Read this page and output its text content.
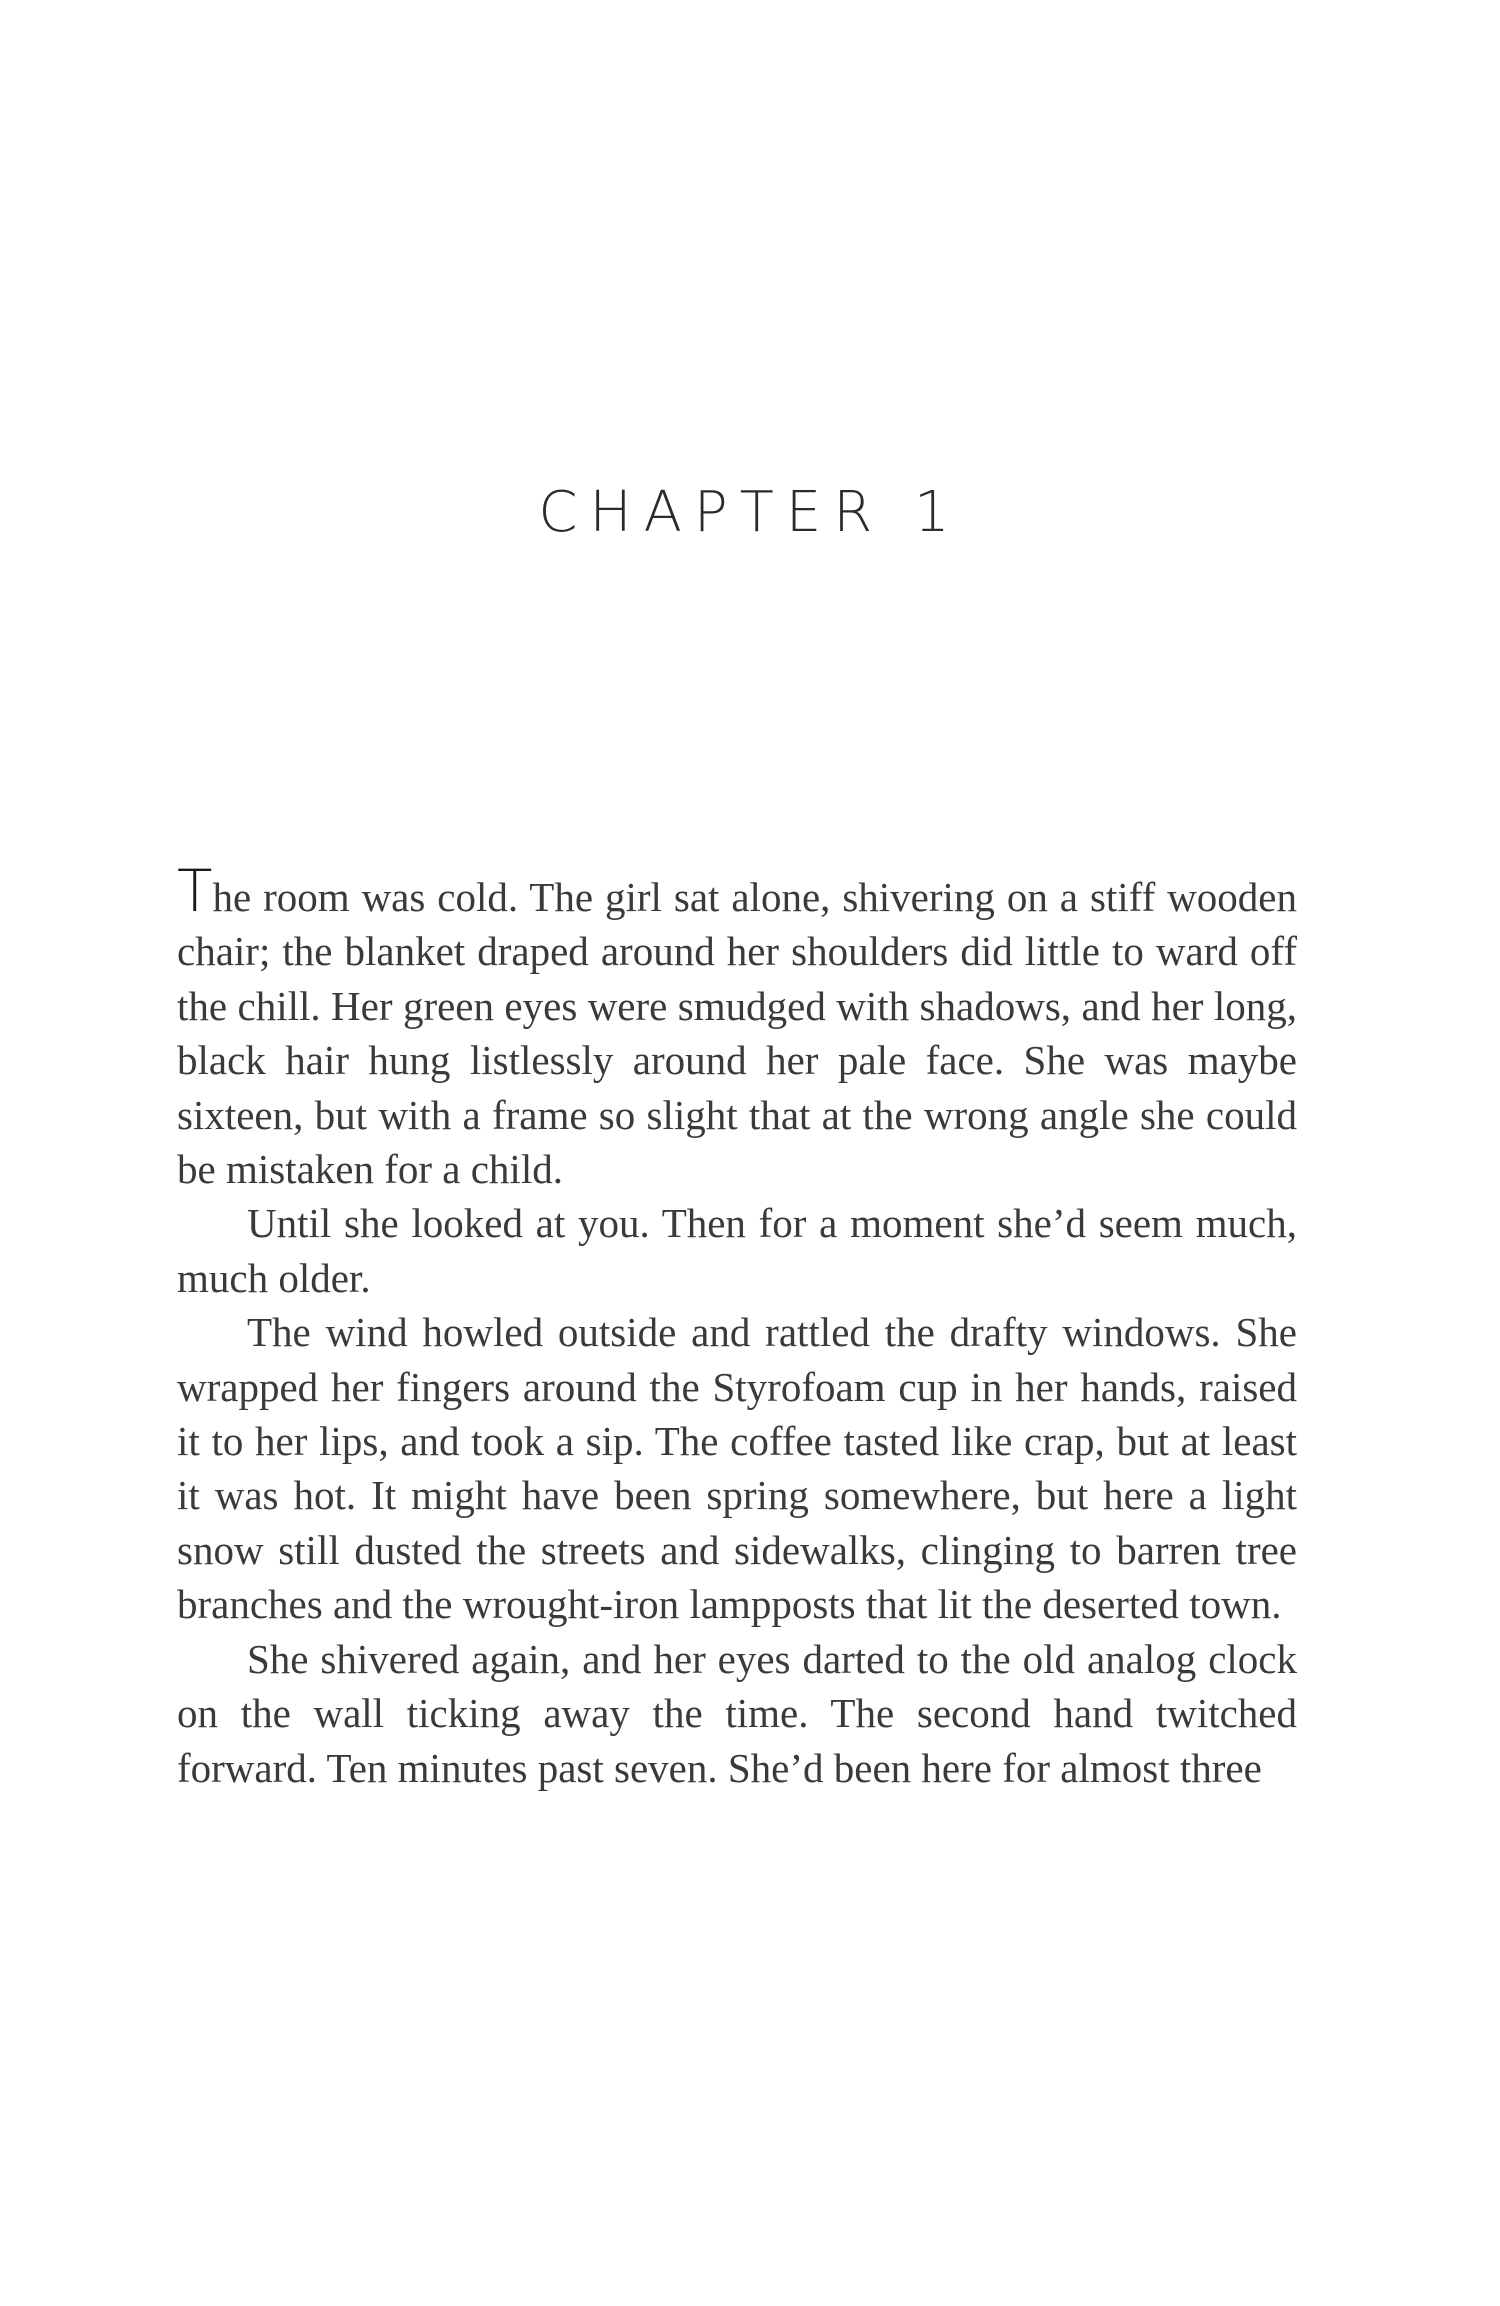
CHAPTER 1

The room was cold. The girl sat alone, shivering on a stiff wooden chair; the blanket draped around her shoulders did little to ward off the chill. Her green eyes were smudged with shadows, and her long, black hair hung listlessly around her pale face. She was maybe sixteen, but with a frame so slight that at the wrong angle she could be mistaken for a child.

Until she looked at you. Then for a moment she’d seem much, much older.

The wind howled outside and rattled the drafty windows. She wrapped her fingers around the Styrofoam cup in her hands, raised it to her lips, and took a sip. The coffee tasted like crap, but at least it was hot. It might have been spring somewhere, but here a light snow still dusted the streets and sidewalks, clinging to barren tree branches and the wrought-iron lampposts that lit the deserted town.

She shivered again, and her eyes darted to the old analog clock on the wall ticking away the time. The second hand twitched forward. Ten minutes past seven. She’d been here for almost three
